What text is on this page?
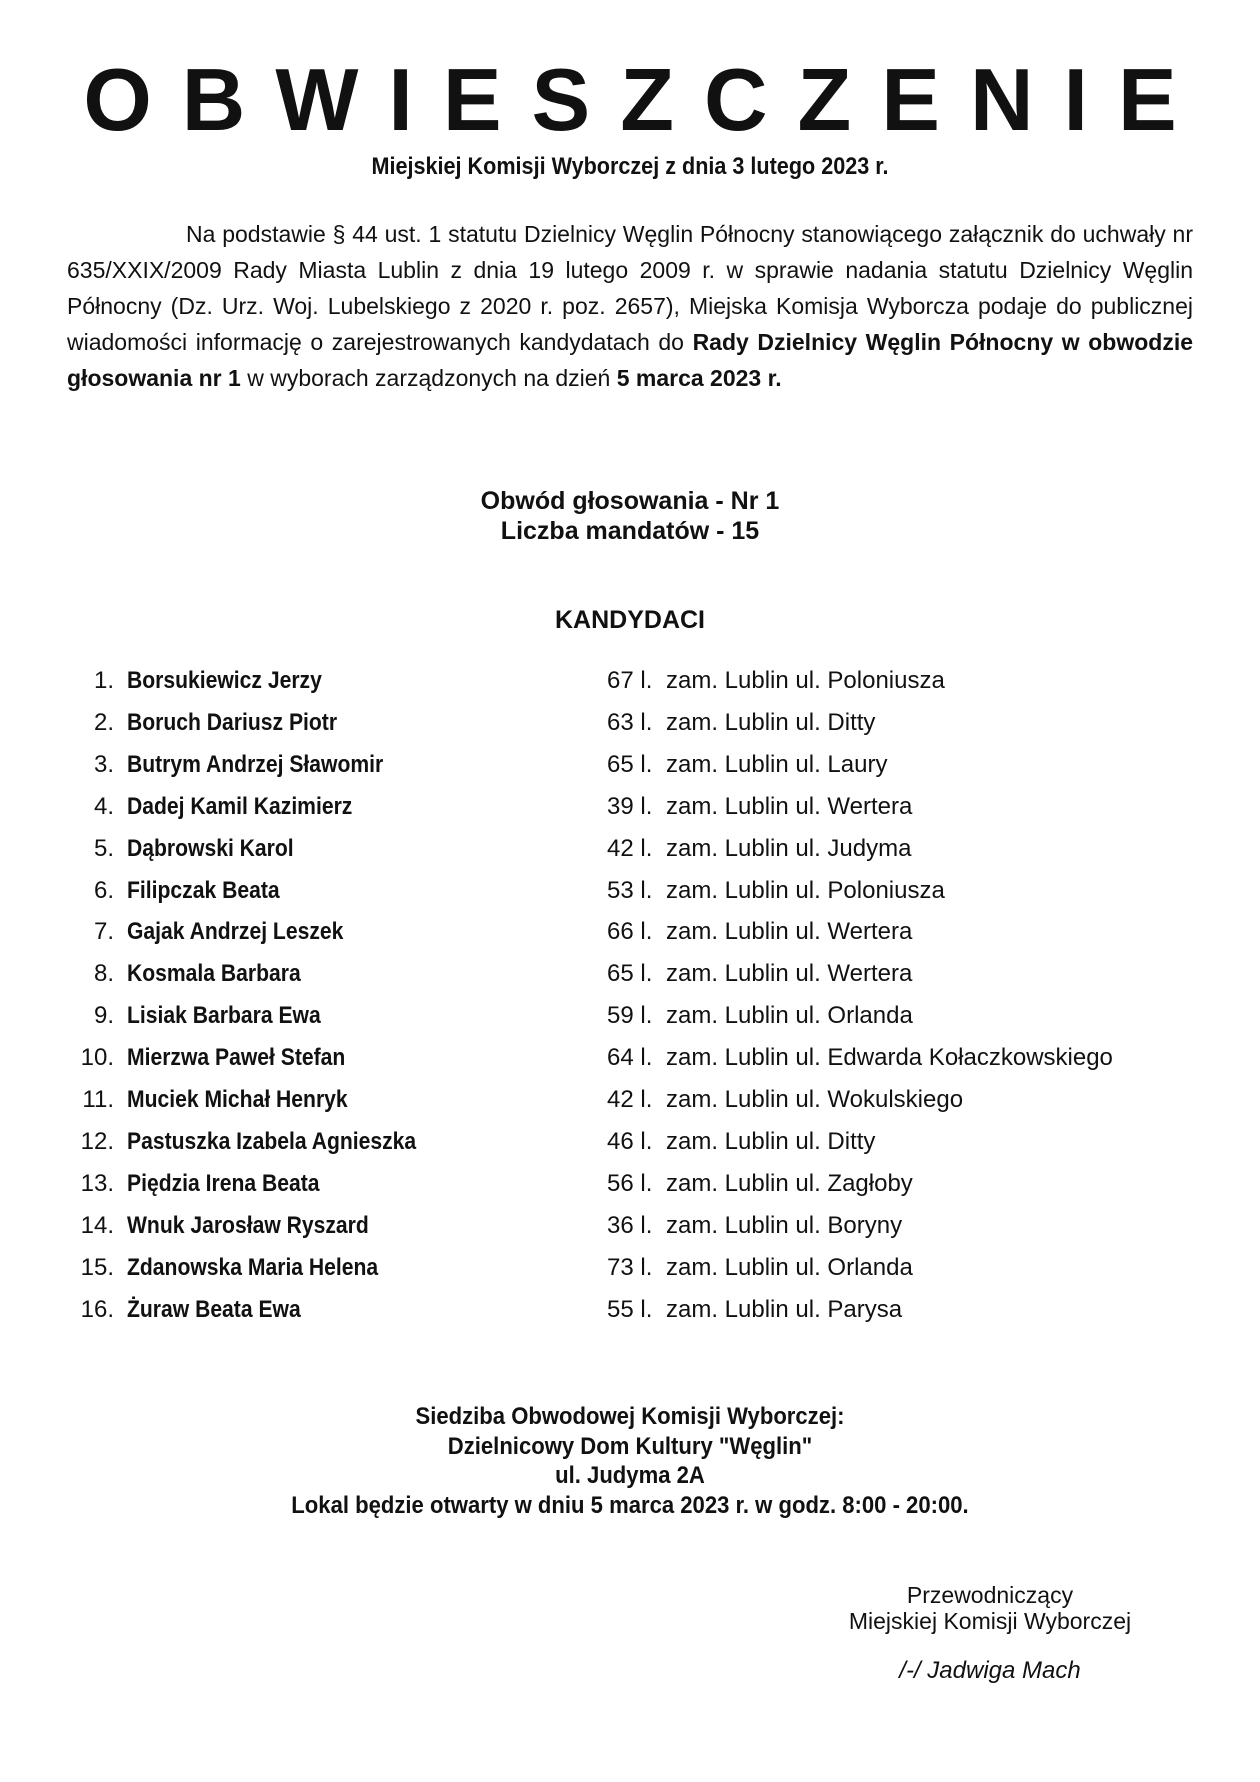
OBWIESZCZENIE
Miejskiej Komisji Wyborczej z dnia 3 lutego 2023 r.
Na podstawie § 44 ust. 1 statutu Dzielnicy Węglin Północny stanowiącego załącznik do uchwały nr 635/XXIX/2009 Rady Miasta Lublin z dnia 19 lutego 2009 r. w sprawie nadania statutu Dzielnicy Węglin Północny (Dz. Urz. Woj. Lubelskiego z 2020 r. poz. 2657), Miejska Komisja Wyborcza podaje do publicznej wiadomości informację o zarejestrowanych kandydatach do Rady Dzielnicy Węglin Północny w obwodzie głosowania nr 1 w wyborach zarządzonych na dzień 5 marca 2023 r.
Obwód głosowania - Nr 1
Liczba mandatów - 15
KANDYDACI
1. Borsukiewicz Jerzy	67 l. zam. Lublin ul. Poloniusza
2. Boruch Dariusz Piotr	63 l. zam. Lublin ul. Ditty
3. Butrym Andrzej Sławomir	65 l. zam. Lublin ul. Laury
4. Dadej Kamil Kazimierz	39 l. zam. Lublin ul. Wertera
5. Dąbrowski Karol	42 l. zam. Lublin ul. Judyma
6. Filipczak Beata	53 l. zam. Lublin ul. Poloniusza
7. Gajak Andrzej Leszek	66 l. zam. Lublin ul. Wertera
8. Kosmala Barbara	65 l. zam. Lublin ul. Wertera
9. Lisiak Barbara Ewa	59 l. zam. Lublin ul. Orlanda
10. Mierzwa Paweł Stefan	64 l. zam. Lublin ul. Edwarda Kołaczkowskiego
11. Muciek Michał Henryk	42 l. zam. Lublin ul. Wokulskiego
12. Pastuszka Izabela Agnieszka	46 l. zam. Lublin ul. Ditty
13. Piędzia Irena Beata	56 l. zam. Lublin ul. Zagłoby
14. Wnuk Jarosław Ryszard	36 l. zam. Lublin ul. Boryny
15. Zdanowska Maria Helena	73 l. zam. Lublin ul. Orlanda
16. Żuraw Beata Ewa	55 l. zam. Lublin ul. Parysa
Siedziba Obwodowej Komisji Wyborczej:
Dzielnicowy Dom Kultury "Węglin"
ul. Judyma 2A
Lokal będzie otwarty w dniu 5 marca 2023 r. w godz. 8:00 - 20:00.
Przewodniczący
Miejskiej Komisji Wyborczej
/-/ Jadwiga Mach
